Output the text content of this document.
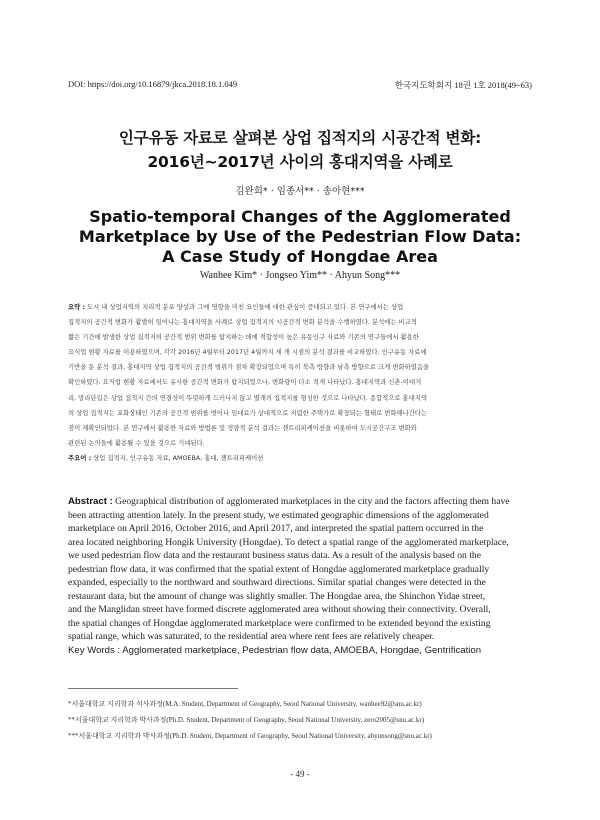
DOI: https://doi.org/10.16879/jkca.2018.18.1.049	한국지도학회지 18권 1호 2018(49~63)
인구유동 자료로 살펴본 상업 집적지의 시공간적 변화:
2016년~2017년 사이의 홍대지역을 사례로
김완희* · 임종서** · 송아현***
Spatio-temporal Changes of the Agglomerated
Marketplace by Use of the Pedestrian Flow Data:
A Case Study of Hongdae Area
Wanhee Kim* · Jongseo Yim** · Ahyun Song***
요약 : 도시 내 상업지역의 지리적 분포 양상과 그에 영향을 미친 요인들에 대한 관심이 증대되고 있다. 본 연구에서는 상업
집적지의 공간적 변화가 활발히 일어나는 홍대지역을 사례로 상업 집적지의 시공간적 변화 분석을 수행하였다. 분석에는 비교적
짧은 기간에 발생한 상업 집적지의 공간적 범위 변화를 탐지하는 데에 적합성이 높은 유동인구 자료와 기존의 연구들에서 활용한
요식업 현황 자료를 이용하였으며, 각각 2016년 4월부터 2017년 4월까지 세 개 시점의 분석 결과를 비교하였다. 인구유동 자료에
기반을 둔 분석 결과, 홍대지역 상업 집적지의 공간적 범위가 점차 확장되었으며 특히 북측 방향과 남측 방향으로 크게 변화하였음을
확인하였다. 요식업 현황 자료에서도 유사한 공간적 변화가 탐지되었으나, 변화량이 다소 적게 나타났다. 홍대지역과 신촌-이대거
리, 망리단길은 상업 집적지 간의 연결성이 뚜렷하게 드러나지 않고 별개의 집적지를 형성한 것으로 나타났다. 종합적으로 홍대지역
의 상업 집적지는 포화상태인 기존의 공간적 범위를 벗어나 임대료가 상대적으로 저렴한 주택가로 확장되는 형태로 변화해나간다는
점이 재확인되었다. 본 연구에서 활용한 자료와 방법론 및 정량적 분석 결과는 젠트리피케이션을 비롯하여 도시공간구조 변화와
관련된 논의들에 활용될 수 있을 것으로 기대된다.
주요어 : 상업 집적지, 인구유동 자료, AMOEBA, 홍대, 젠트리피케이션
Abstract : Geographical distribution of agglomerated marketplaces in the city and the factors affecting them have
been attracting attention lately. In the present study, we estimated geographic dimensions of the agglomerated
marketplace on April 2016, October 2016, and April 2017, and interpreted the spatial pattern occurred in the
area located neighboring Hongik University (Hongdae). To detect a spatial range of the agglomerated marketplace,
we used pedestrian flow data and the restaurant business status data. As a result of the analysis based on the
pedestrian flow data, it was confirmed that the spatial extent of Hongdae agglomerated marketplace gradually
expanded, especially to the northward and southward directions. Similar spatial changes were detected in the
restaurant data, but the amount of change was slightly smaller. The Hongdae area, the Shinchon Yidae street,
and the Manglidan street have formed discrete agglomerated area without showing their connectivity. Overall,
the spatial changes of Hongdae agglomerated marketplace were confirmed to be extended beyond the existing
spatial range, which was saturated, to the residential area where rent fees are relatively cheaper.
Key Words : Agglomerated marketplace, Pedestrian flow data, AMOEBA, Hongdae, Gentrification
*서울대학교 지리학과 석사과정(M.A. Student, Department of Geography, Seoul National University, wanhee92@snu.ac.kr)
**서울대학교 지리학과 박사과정(Ph.D. Student, Department of Geography, Seoul National University, zero2005@snu.ac.kr)
***서울대학교 지리학과 박사과정(Ph.D. Student, Department of Geography, Seoul National University, ahyunsong@snu.ac.kr)
- 49 -
